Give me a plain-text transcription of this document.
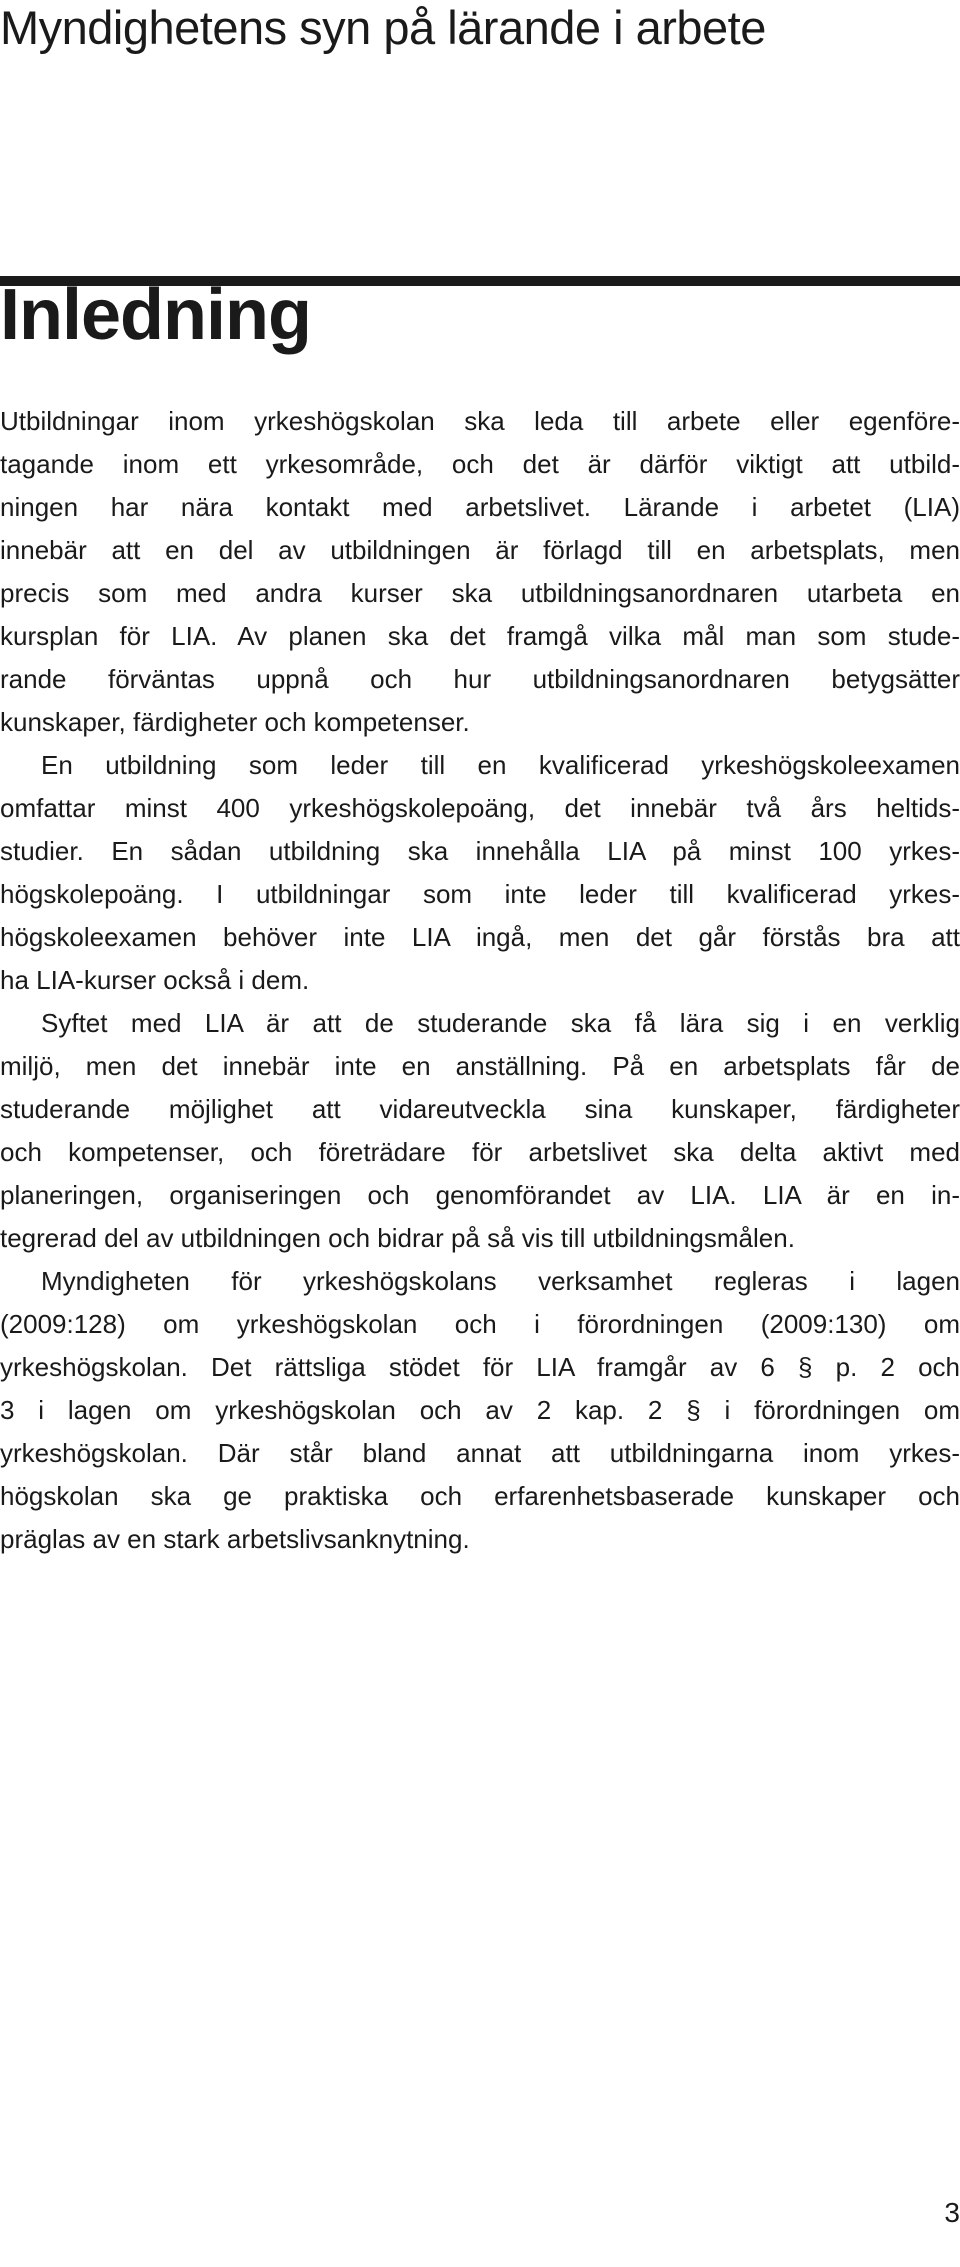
Myndighetens syn på lärande i arbete
Inledning

Utbildningar inom yrkeshögskolan ska leda till arbete eller egenföre-
tagande inom ett yrkesområde, och det är därför viktigt att utbild-
ningen har nära kontakt med arbetslivet. Lärande i arbetet (LIA)
innebär att en del av utbildningen är förlagd till en arbetsplats, men
precis som med andra kurser ska utbildningsanordnaren utarbeta en
kursplan för LIA. Av planen ska det framgå vilka mål man som stude-
rande förväntas uppnå och hur utbildningsanordnaren betygsätter
kunskaper, färdigheter och kompetenser.

En utbildning som leder till en kvalificerad yrkeshögskoleexamen
omfattar minst 400 yrkeshögskolepoäng, det innebär två års heltids-
studier. En sådan utbildning ska innehålla LIA på minst 100 yrkes-
högskolepoäng. I utbildningar som inte leder till kvalificerad yrkes-
högskoleexamen behöver inte LIA ingå, men det går förstås bra att
ha LIA-kurser också i dem.

Syftet med LIA är att de studerande ska få lära sig i en verklig
miljö, men det innebär inte en anställning. På en arbetsplats får de
studerande möjlighet att vidareutveckla sina kunskaper, färdigheter
och kompetenser, och företrädare för arbetslivet ska delta aktivt med
planeringen, organiseringen och genomförandet av LIA. LIA är en in-
tegrerad del av utbildningen och bidrar på så vis till utbildningsmålen.

Myndigheten för yrkeshögskolans verksamhet regleras i lagen
(2009:128) om yrkeshögskolan och i förordningen (2009:130) om
yrkeshögskolan. Det rättsliga stödet för LIA framgår av 6 § p. 2 och
3 i lagen om yrkeshögskolan och av 2 kap. 2 § i förordningen om
yrkeshögskolan. Där står bland annat att utbildningarna inom yrkes-
högskolan ska ge praktiska och erfarenhetsbaserade kunskaper och
präglas av en stark arbetslivsanknytning.

3
